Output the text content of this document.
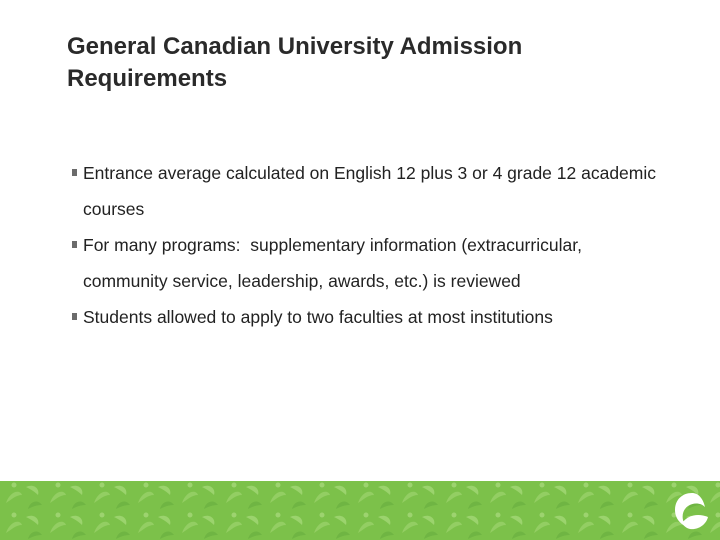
General Canadian University Admission
Requirements
Entrance average calculated on English 12 plus 3 or 4 grade 12 academic courses
For many programs:  supplementary information (extracurricular, community service, leadership, awards, etc.) is reviewed
Students allowed to apply to two faculties at most institutions
